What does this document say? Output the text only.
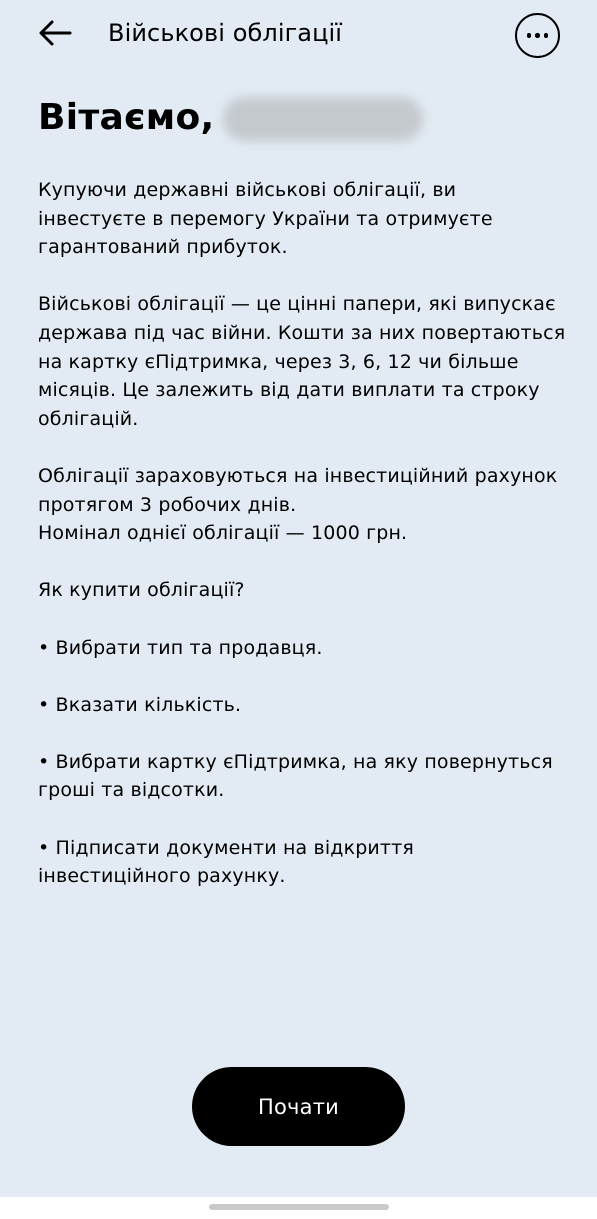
Військові облігації
Вітаємо,

Купуючи державні військові облігації, ви інвестуєте в перемогу України та отримуєте гарантований прибуток.

Військові облігації — це цінні папери, які випускає держава під час війни. Кошти за них повертаються на картку єПідтримка, через 3, 6, 12 чи більше місяців. Це залежить від дати виплати та строку облігацій.

Облігації зараховуються на інвестиційний рахунок протягом 3 робочих днів.

Номінал однієї облігації — 1000 грн.

Як купити облігації?

• Вибрати тип та продавця.

• Вказати кількість.

• Вибрати картку єПідтримка, на яку повернуться гроші та відсотки.

• Підписати документи на відкриття інвестиційного рахунку.

Почати
